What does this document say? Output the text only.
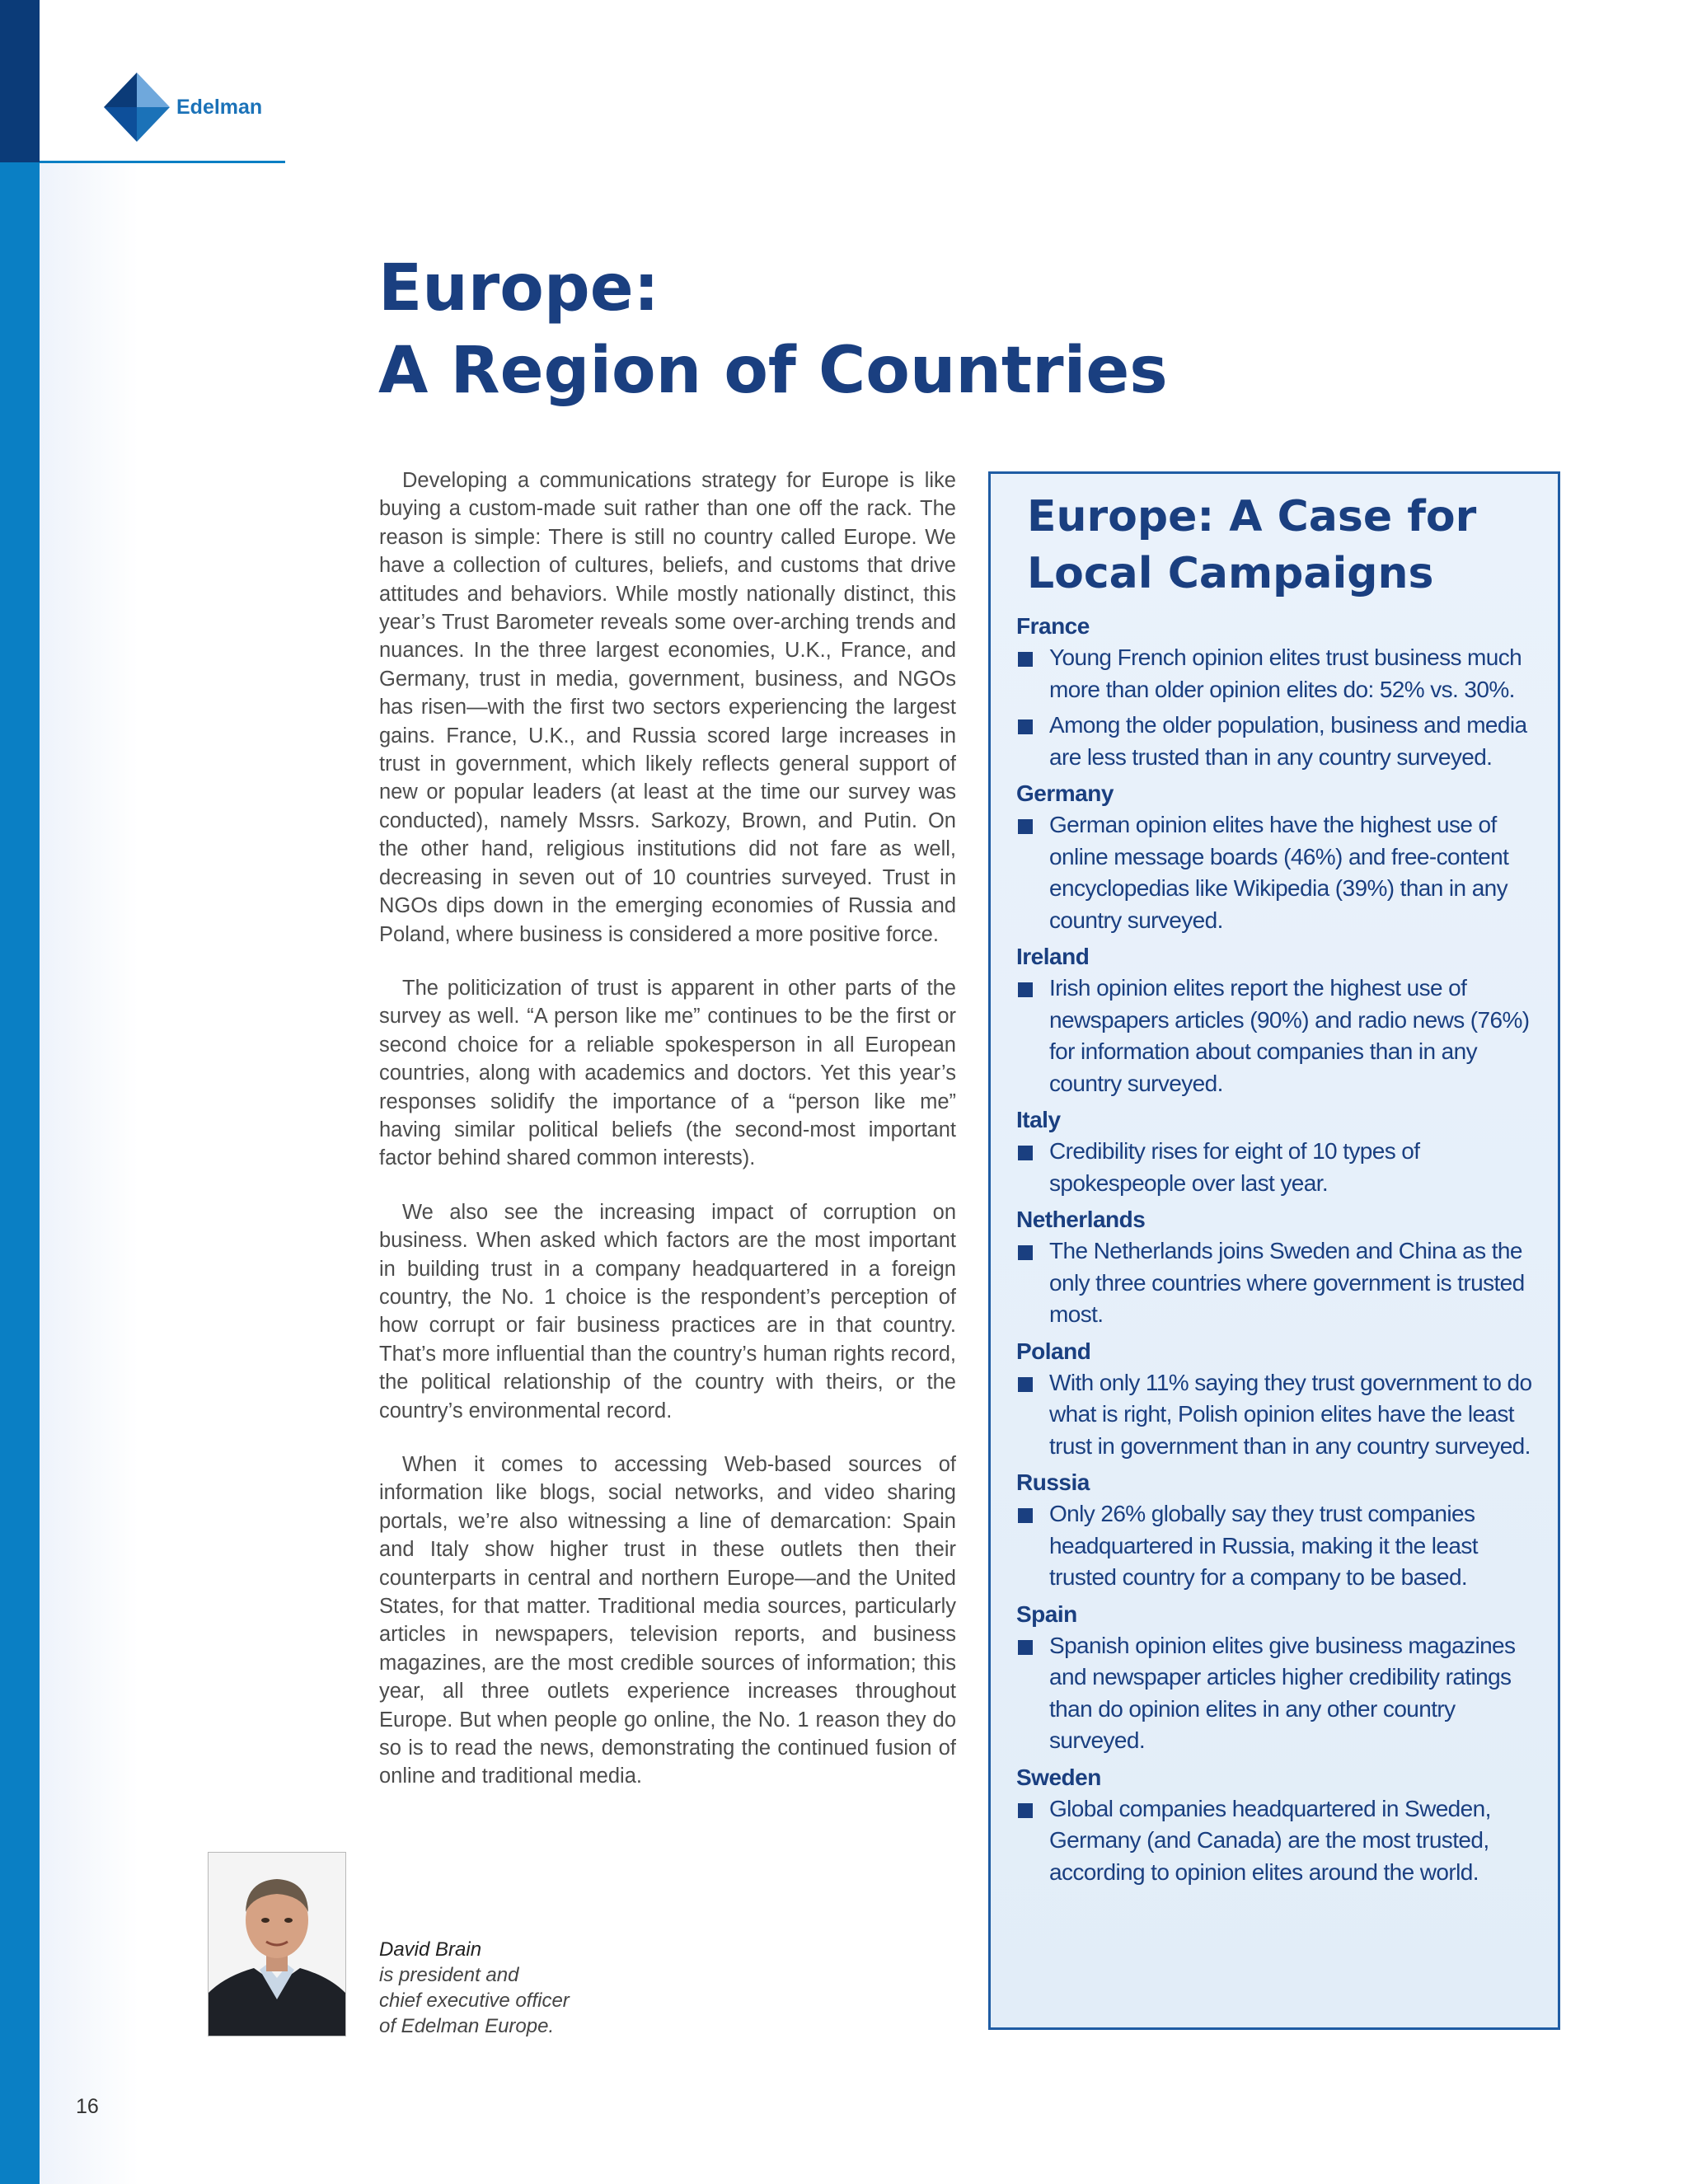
Edelman
Europe:
A Region of Countries

Developing a communications strategy for Europe is like buying a custom-made suit rather than one off the rack. The reason is simple: There is still no country called Europe. We have a collection of cultures, beliefs, and customs that drive attitudes and behaviors. While mostly nationally distinct, this year’s Trust Barometer reveals some over-arching trends and nuances. In the three largest economies, U.K., France, and Germany, trust in media, government, business, and NGOs has risen—with the first two sectors experiencing the largest gains. France, U.K., and Russia scored large increases in trust in government, which likely reflects general support of new or popular leaders (at least at the time our survey was conducted), namely Mssrs. Sarkozy, Brown, and Putin. On the other hand, religious institutions did not fare as well, decreasing in seven out of 10 countries surveyed. Trust in NGOs dips down in the emerging economies of Russia and Poland, where business is considered a more positive force.

The politicization of trust is apparent in other parts of the survey as well. “A person like me” continues to be the first or second choice for a reliable spokesperson in all European countries, along with academics and doctors. Yet this year’s responses solidify the importance of a “person like me” having similar political beliefs (the second-most important factor behind shared common interests).

We also see the increasing impact of corruption on business. When asked which factors are the most important in building trust in a company headquartered in a foreign country, the No. 1 choice is the respondent’s perception of how corrupt or fair business practices are in that country. That’s more influential than the country’s human rights record, the political relationship of the country with theirs, or the country’s environmental record.

When it comes to accessing Web-based sources of information like blogs, social networks, and video sharing portals, we’re also witnessing a line of demarcation: Spain and Italy show higher trust in these outlets then their counterparts in central and northern Europe—and the United States, for that matter. Traditional media sources, particularly articles in newspapers, television reports, and business magazines, are the most credible sources of information; this year, all three outlets experience increases throughout Europe. But when people go online, the No. 1 reason they do so is to read the news, demonstrating the continued fusion of online and traditional media.

David Brain
is president and
chief executive officer
of Edelman Europe.
16
Europe: A Case for
Local Campaigns
France
Young French opinion elites trust business much more than older opinion elites do: 52% vs. 30%.
Among the older population, business and media are less trusted than in any country surveyed.
Germany
German opinion elites have the highest use of online message boards (46%) and free-content encyclopedias like Wikipedia (39%) than in any country surveyed.
Ireland
Irish opinion elites report the highest use of newspapers articles (90%) and radio news (76%) for information about companies than in any country surveyed.
Italy
Credibility rises for eight of 10 types of spokespeople over last year.
Netherlands
The Netherlands joins Sweden and China as the only three countries where government is trusted most.
Poland
With only 11% saying they trust government to do what is right, Polish opinion elites have the least trust in government than in any country surveyed.
Russia
Only 26% globally say they trust companies headquartered in Russia, making it the least trusted country for a company to be based.
Spain
Spanish opinion elites give business magazines and newspaper articles higher credibility ratings than do opinion elites in any other country surveyed.
Sweden
Global companies headquartered in Sweden, Germany (and Canada) are the most trusted, according to opinion elites around the world.
